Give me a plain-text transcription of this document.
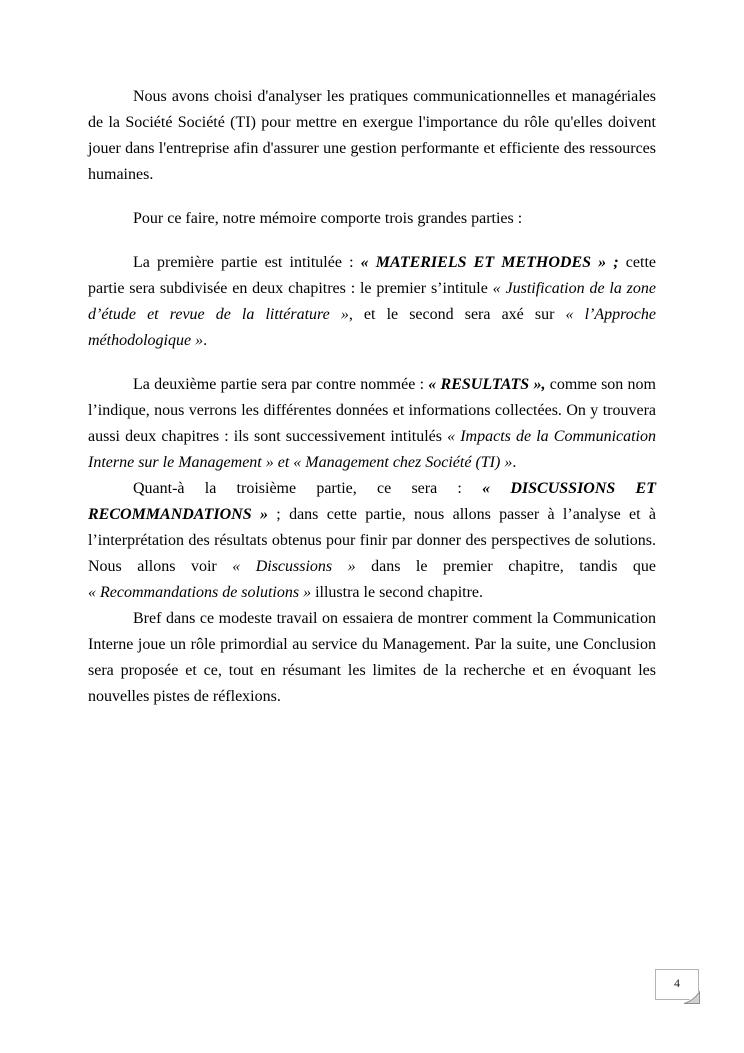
Nous avons choisi d'analyser les pratiques communicationnelles et managériales de la Société Société (TI) pour mettre en exergue l'importance du rôle qu'elles doivent jouer dans l'entreprise afin d'assurer une gestion performante et efficiente des ressources humaines.

Pour ce faire, notre mémoire comporte trois grandes parties :

La première partie est intitulée : « MATERIELS ET METHODES » ; cette partie sera subdivisée en deux chapitres : le premier s’intitule « Justification de la zone d’étude et revue de la littérature », et le second sera axé sur « l’Approche méthodologique ».

La deuxième partie sera par contre nommée : « RESULTATS », comme son nom l’indique, nous verrons les différentes données et informations collectées. On y trouvera aussi deux chapitres : ils sont successivement intitulés « Impacts de la Communication Interne sur le Management » et « Management chez Société (TI) ».

Quant-à la troisième partie, ce sera : « DISCUSSIONS ET RECOMMANDATIONS » ; dans cette partie, nous allons passer à l’analyse et à l’interprétation des résultats obtenus pour finir par donner des perspectives de solutions. Nous allons voir « Discussions » dans le premier chapitre, tandis que « Recommandations de solutions » illustra le second chapitre.

Bref dans ce modeste travail on essaiera de montrer comment la Communication Interne joue un rôle primordial au service du Management. Par la suite, une Conclusion sera proposée et ce, tout en résumant les limites de la recherche et en évoquant les nouvelles pistes de réflexions.

4
